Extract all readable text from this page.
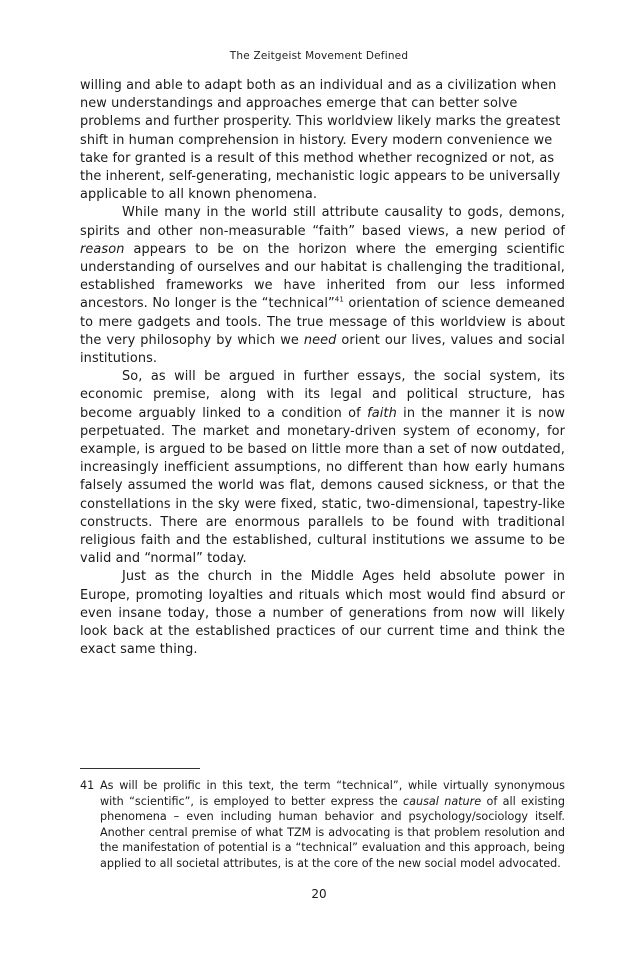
The Zeitgeist Movement Defined

willing and able to adapt both as an individual and as a civilization when new understandings and approaches emerge that can better solve problems and further prosperity. This worldview likely marks the greatest shift in human comprehension in history. Every modern convenience we take for granted is a result of this method whether recognized or not, as the inherent, self-generating, mechanistic logic appears to be universally applicable to all known phenomena.

While many in the world still attribute causality to gods, demons, spirits and other non-measurable “faith” based views, a new period of reason appears to be on the horizon where the emerging scientific understanding of ourselves and our habitat is challenging the traditional, established frameworks we have inherited from our less informed ancestors. No longer is the “technical”$^{41}$ orientation of science demeaned to mere gadgets and tools. The true message of this worldview is about the very philosophy by which we need orient our lives, values and social institutions.

So, as will be argued in further essays, the social system, its economic premise, along with its legal and political structure, has become arguably linked to a condition of faith in the manner it is now perpetuated. The market and monetary-driven system of economy, for example, is argued to be based on little more than a set of now outdated, increasingly inefficient assumptions, no different than how early humans falsely assumed the world was flat, demons caused sickness, or that the constellations in the sky were fixed, static, two-dimensional, tapestry-like constructs. There are enormous parallels to be found with traditional religious faith and the established, cultural institutions we assume to be valid and “normal” today.

Just as the church in the Middle Ages held absolute power in Europe, promoting loyalties and rituals which most would find absurd or even insane today, those a number of generations from now will likely look back at the established practices of our current time and think the exact same thing.

41 As will be prolific in this text, the term “technical”, while virtually synonymous with “scientific”, is employed to better express the causal nature of all existing phenomena – even including human behavior and psychology/sociology itself. Another central premise of what TZM is advocating is that problem resolution and the manifestation of potential is a “technical” evaluation and this approach, being applied to all societal attributes, is at the core of the new social model advocated.
20
